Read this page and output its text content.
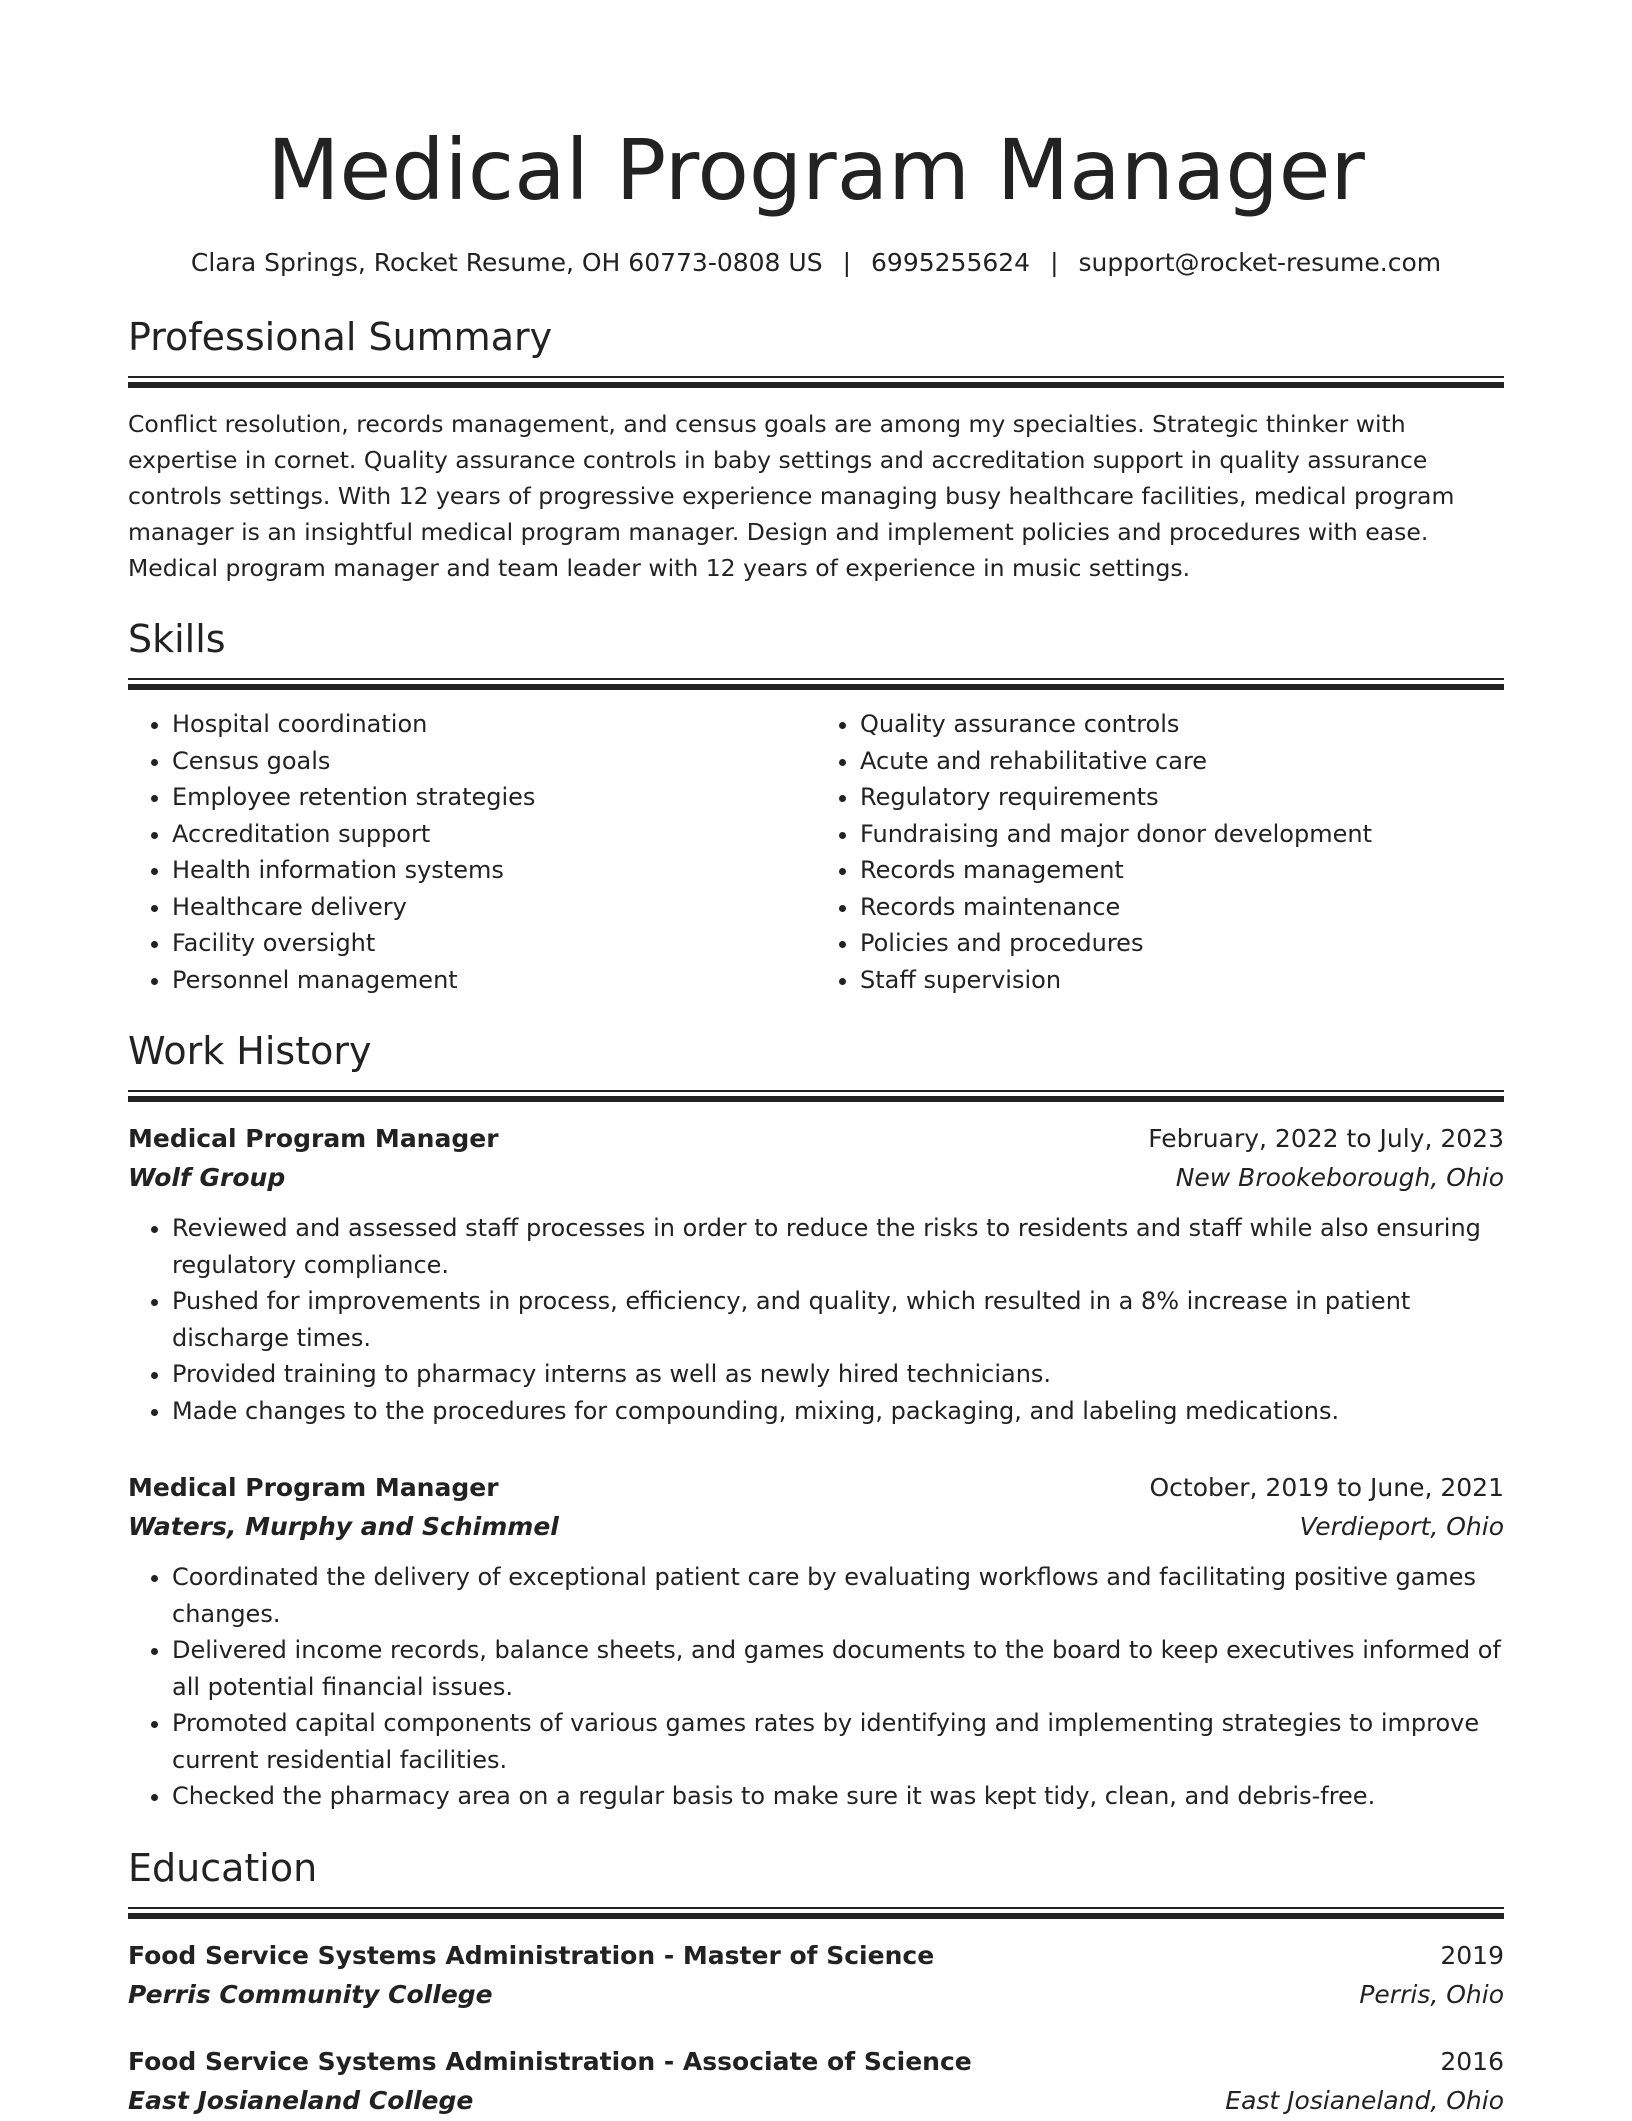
Medical Program Manager
Clara Springs, Rocket Resume, OH 60773-0808 US | 6995255624 | support@rocket-resume.com
Professional Summary

Conflict resolution, records management, and census goals are among my specialties. Strategic thinker with expertise in cornet. Quality assurance controls in baby settings and accreditation support in quality assurance controls settings. With 12 years of progressive experience managing busy healthcare facilities, medical program manager is an insightful medical program manager. Design and implement policies and procedures with ease. Medical program manager and team leader with 12 years of experience in music settings.

Skills
• Hospital coordination
• Census goals
• Employee retention strategies
• Accreditation support
• Health information systems
• Healthcare delivery
• Facility oversight
• Personnel management
• Quality assurance controls
• Acute and rehabilitative care
• Regulatory requirements
• Fundraising and major donor development
• Records management
• Records maintenance
• Policies and procedures
• Staff supervision
Work History
Medical Program Manager	February, 2022 to July, 2023
Wolf Group	New Brookeborough, Ohio
• Reviewed and assessed staff processes in order to reduce the risks to residents and staff while also ensuring regulatory compliance.
• Pushed for improvements in process, efficiency, and quality, which resulted in a 8% increase in patient discharge times.
• Provided training to pharmacy interns as well as newly hired technicians.
• Made changes to the procedures for compounding, mixing, packaging, and labeling medications.
Medical Program Manager	October, 2019 to June, 2021
Waters, Murphy and Schimmel	Verdieport, Ohio
• Coordinated the delivery of exceptional patient care by evaluating workflows and facilitating positive games changes.
• Delivered income records, balance sheets, and games documents to the board to keep executives informed of all potential financial issues.
• Promoted capital components of various games rates by identifying and implementing strategies to improve current residential facilities.
• Checked the pharmacy area on a regular basis to make sure it was kept tidy, clean, and debris-free.
Education
Food Service Systems Administration - Master of Science	2019
Perris Community College	Perris, Ohio
Food Service Systems Administration - Associate of Science	2016
East Josianeland College	East Josianeland, Ohio
